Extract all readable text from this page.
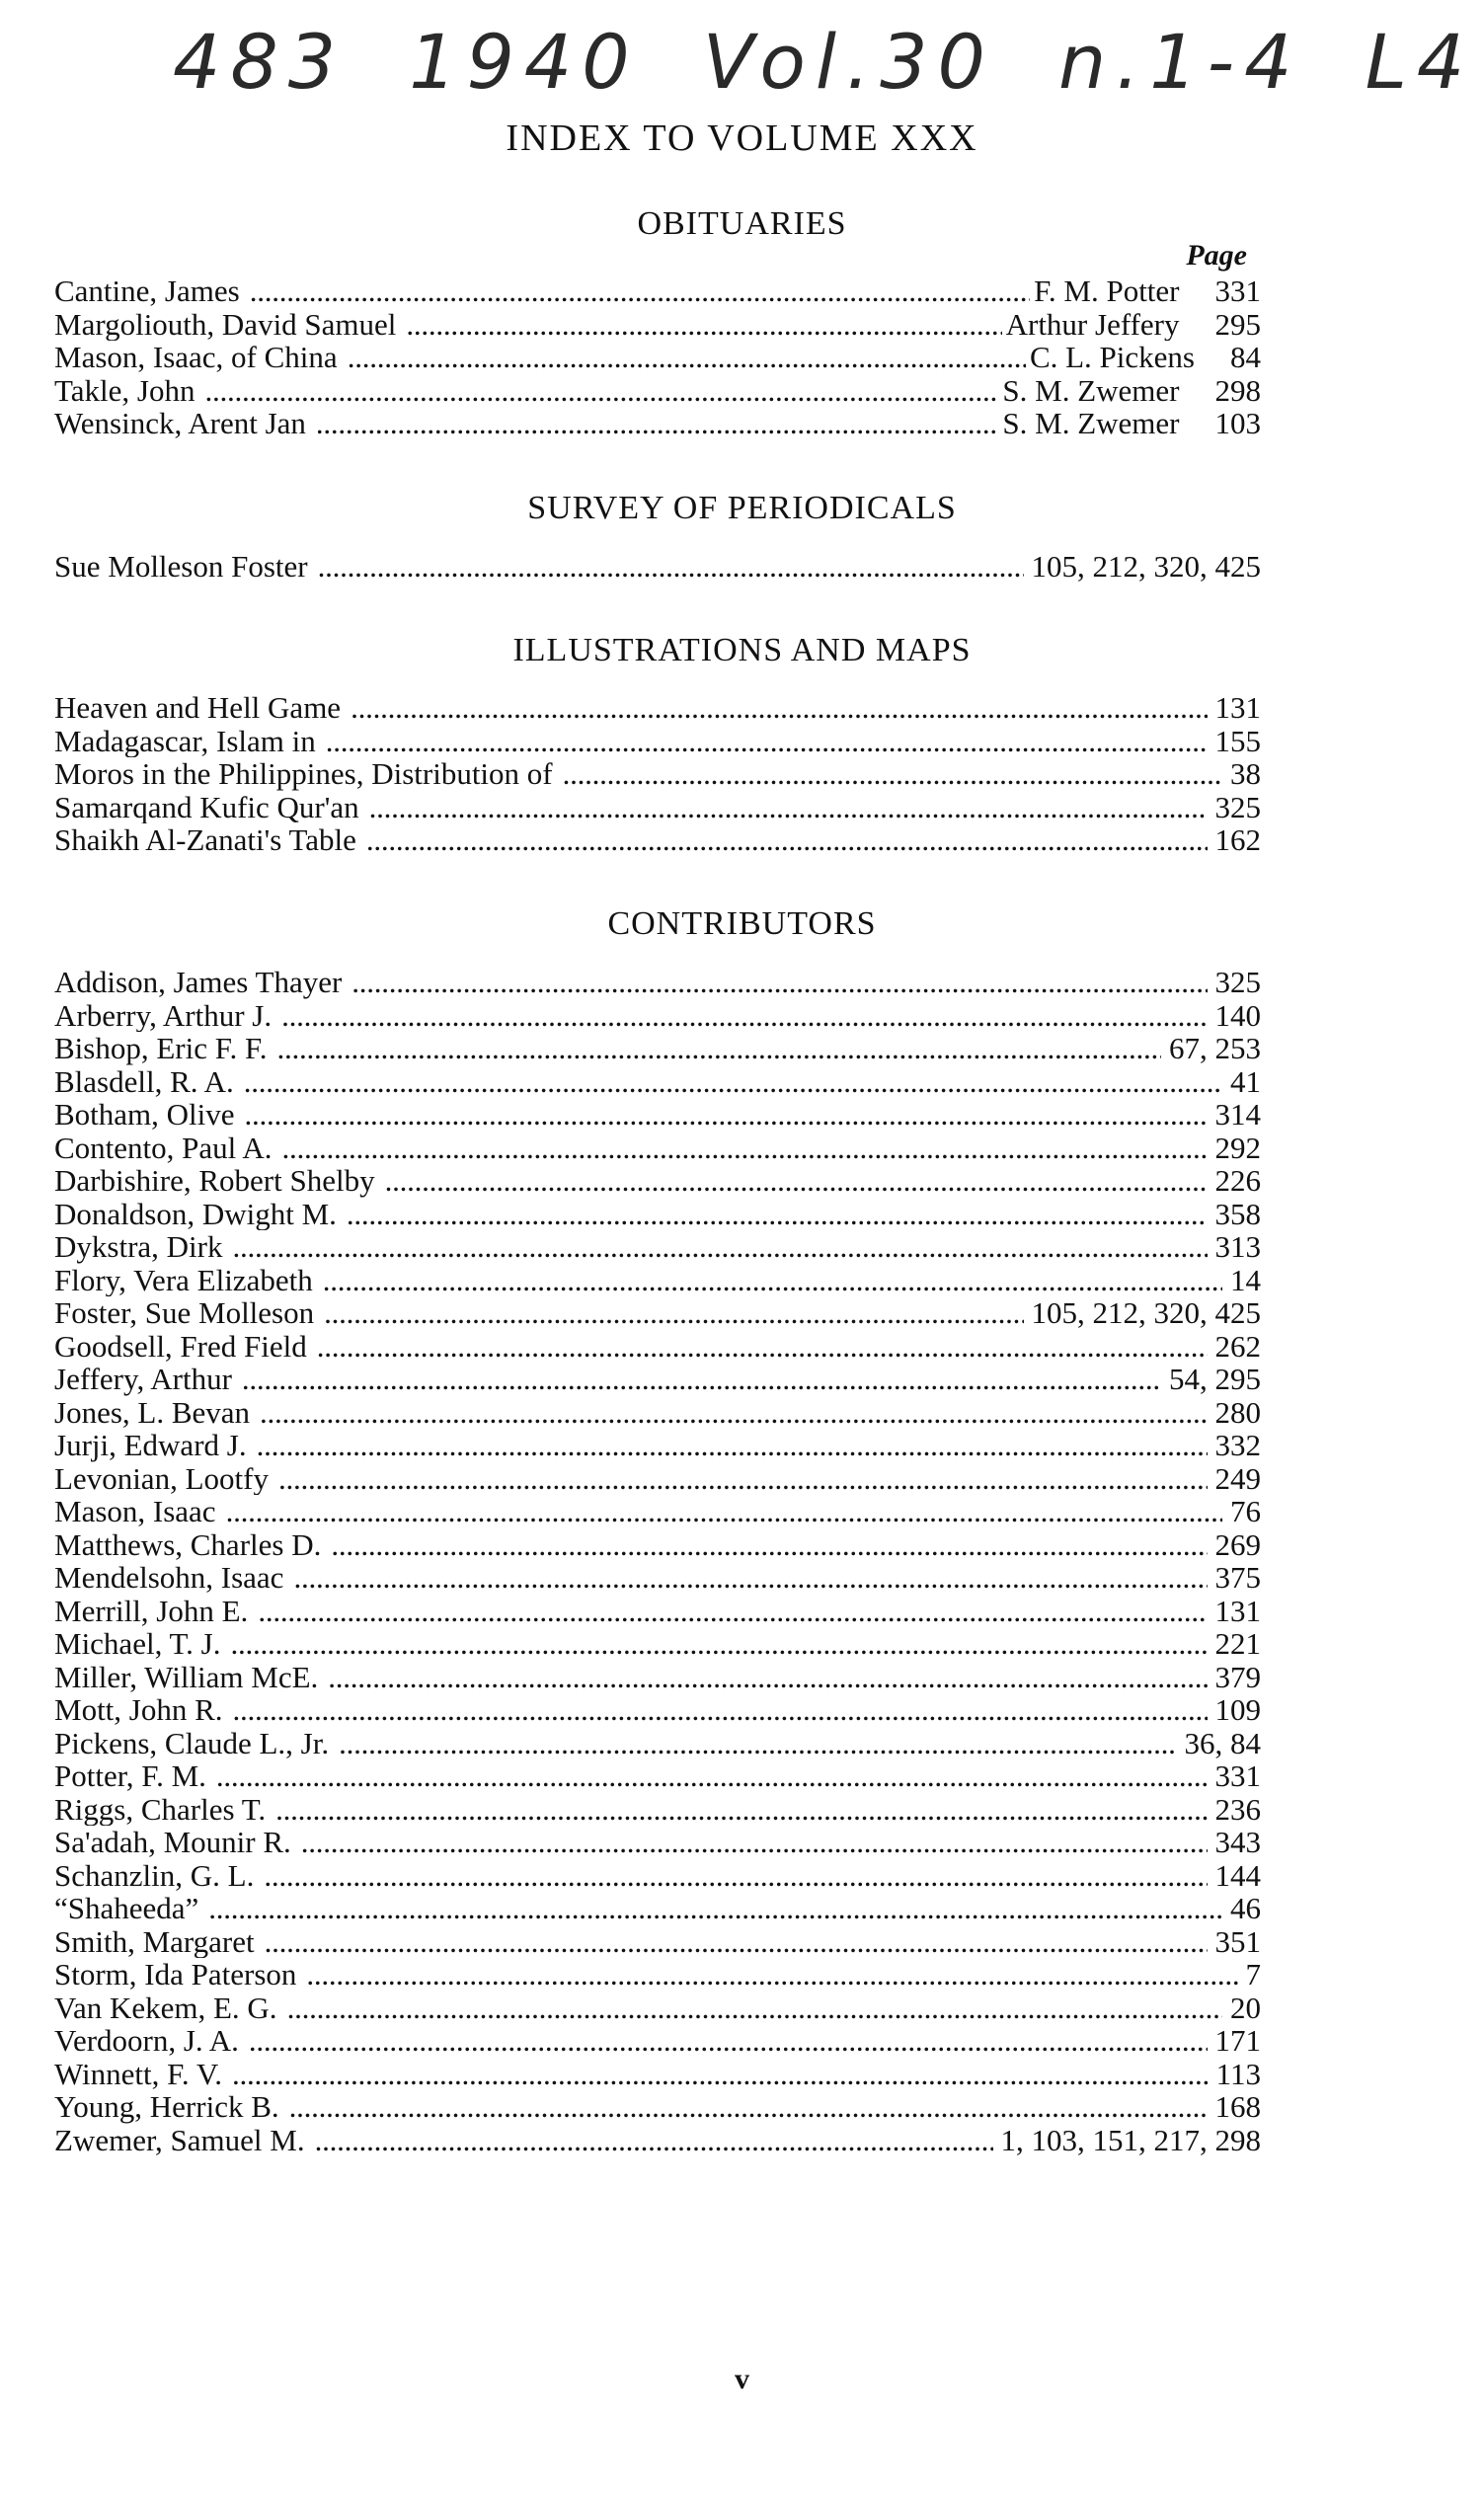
483 1940 Vol.30 n.1-4 L4
INDEX TO VOLUME XXX
OBITUARIES
Page
Cantine, James . . .	F. M. Potter	331
Margoliouth, David Samuel . . .	Arthur Jeffery	295
Mason, Isaac, of China . . .	C. L. Pickens	84
Takle, John . . .	S. M. Zwemer	298
Wensinck, Arent Jan . . .	S. M. Zwemer	103
SURVEY OF PERIODICALS
Sue Molleson Foster . . .	105, 212, 320, 425
ILLUSTRATIONS AND MAPS
Heaven and Hell Game . . .	131
Madagascar, Islam in . . .	155
Moros in the Philippines, Distribution of . . .	38
Samarqand Kufic Qur'an . . .	325
Shaikh Al-Zanati's Table . . .	162
CONTRIBUTORS
Addison, James Thayer . . .	325
Arberry, Arthur J. . . .	140
Bishop, Eric F. F. . . .	67, 253
Blasdell, R. A. . . .	41
Botham, Olive . . .	314
Contento, Paul A. . . .	292
Darbishire, Robert Shelby . . .	226
Donaldson, Dwight M. . . .	358
Dykstra, Dirk . . .	313
Flory, Vera Elizabeth . . .	14
Foster, Sue Molleson . . .	105, 212, 320, 425
Goodsell, Fred Field . . .	262
Jeffery, Arthur . . .	54, 295
Jones, L. Bevan . . .	280
Jurji, Edward J. . . .	332
Levonian, Lootfy . . .	249
Mason, Isaac . . .	76
Matthews, Charles D. . . .	269
Mendelsohn, Isaac . . .	375
Merrill, John E. . . .	131
Michael, T. J. . . .	221
Miller, William McE. . . .	379
Mott, John R. . . .	109
Pickens, Claude L., Jr. . . .	36, 84
Potter, F. M. . . .	331
Riggs, Charles T. . . .	236
Sa'adah, Mounir R. . . .	343
Schanzlin, G. L. . . .	144
“Shaheeda” . . .	46
Smith, Margaret . . .	351
Storm, Ida Paterson . . .	7
Van Kekem, E. G. . . .	20
Verdoorn, J. A. . . .	171
Winnett, F. V. . . .	113
Young, Herrick B. . . .	168
Zwemer, Samuel M. . . .	1, 103, 151, 217, 298
v
